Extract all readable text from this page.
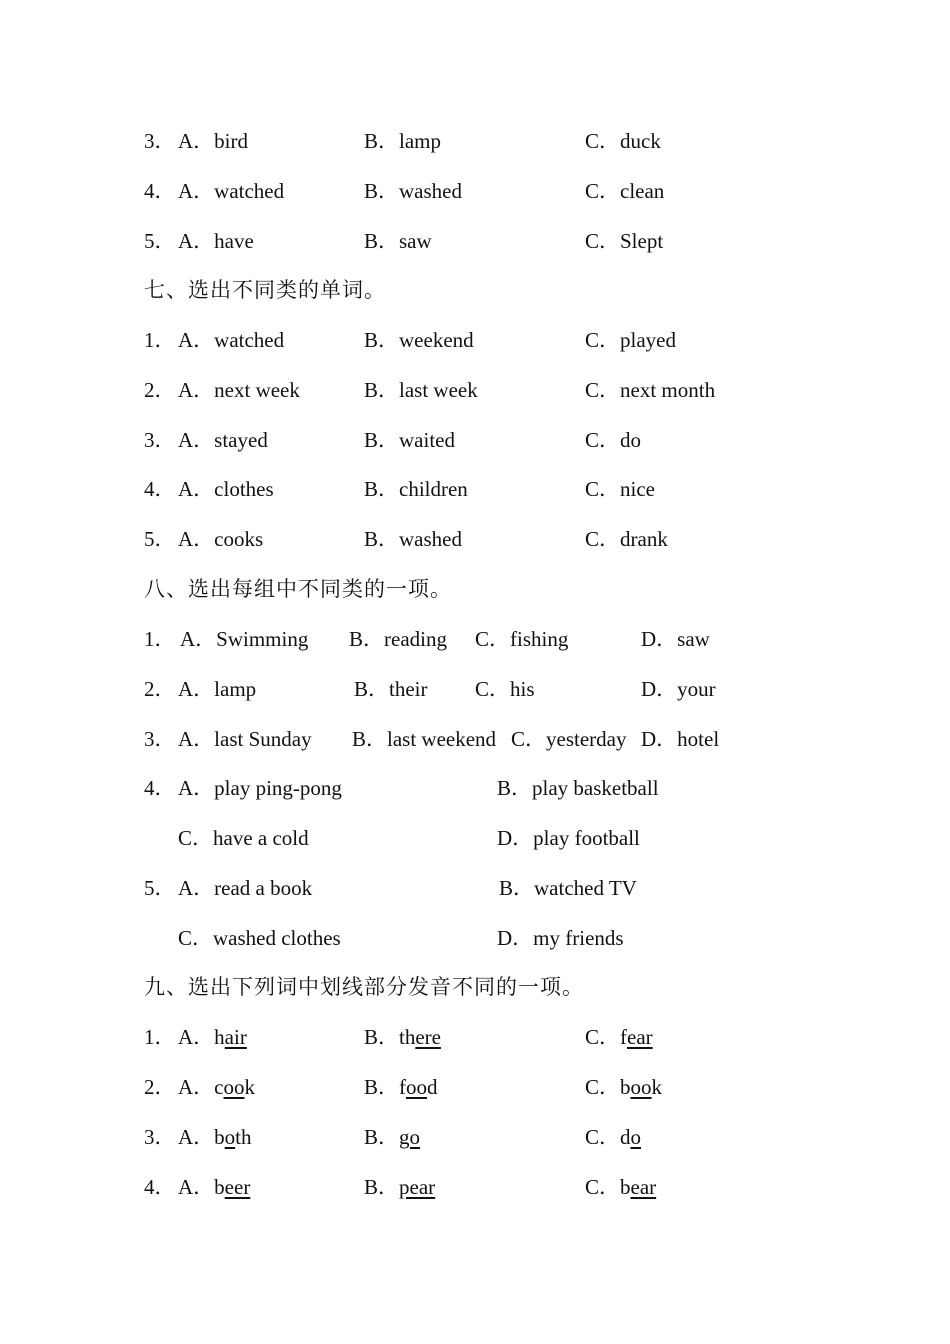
3． A．bird	B．lamp	C．duck
4． A．watched	B．washed	C．clean
5． A．have	B．saw	C．Slept
七、选出不同类的单词。
1． A．watched	B．weekend	C．played
2． A．next week	B．last week	C．next month
3． A．stayed	B．waited	C．do
4． A．clothes	B．children	C．nice
5． A．cooks	B．washed	C．drank
八、选出每组中不同类的一项。
1． A．Swimming B．reading C．fishing	D．saw
2． A．lamp	B．their C．his	D．your
3． A．last Sunday B．last weekend C．yesterday D．hotel
4． A．play ping-pong	B．play basketball
C．have a cold	D．play football
5． A．read a book	B．watched TV
C．washed clothes	D．my friends
九、选出下列词中划线部分发音不同的一项。
1． A．hair	B．there	C．fear
2． A．cook	B．food	C．book
3． A．both	B．go	C．do
4． A．beer	B．pear	C．bear
